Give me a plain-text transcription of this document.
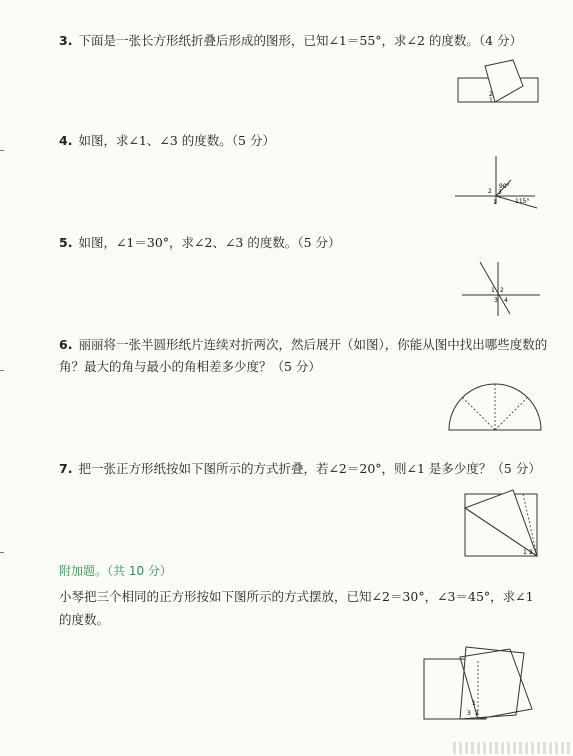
3. 下面是一张长方形纸折叠后形成的图形，已知∠1＝55°，求∠2 的度数。（4 分）
2
1
4. 如图，求∠1、∠3 的度数。（5 分）
90°
2 3
1	115°
5. 如图，∠1＝30°，求∠2、∠3 的度数。（5 分）
1 2
3 4
6. 丽丽将一张半圆形纸片连续对折两次，然后展开（如图），你能从图中找出哪些度数的角？最大的角与最小的角相差多少度？（5 分）
7. 把一张正方形纸按如下图所示的方式折叠，若∠2＝20°，则∠1 是多少度？（5 分）
1 2
附加题。（共 10 分）
小琴把三个相同的正方形按如下图所示的方式摆放，已知∠2＝30°，∠3＝45°，求∠1 的度数。
1
3 2
